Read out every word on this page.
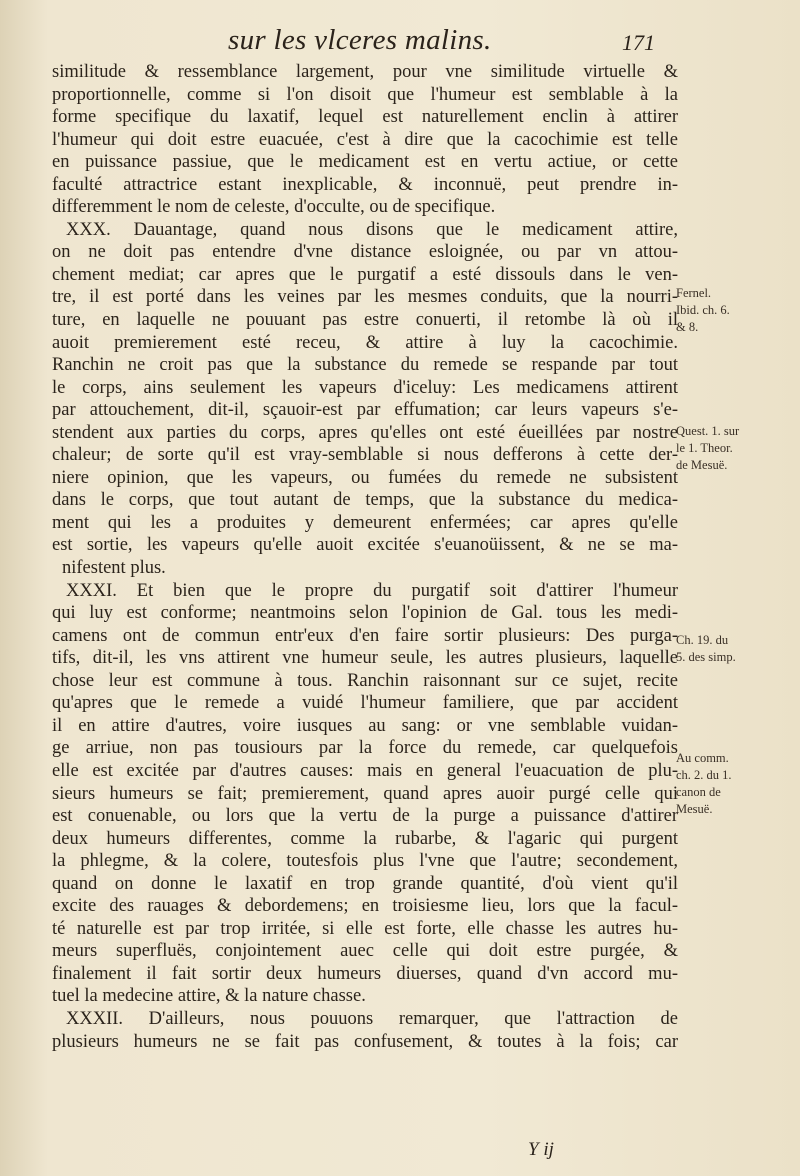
sur les vlceres malins.	171
similitude & ressemblance largement, pour vne similitude virtuelle &
proportionnelle, comme si l'on disoit que l'humeur est semblable à la
forme specifique du laxatif, lequel est naturellement enclin à attirer
l'humeur qui doit estre euacuée, c'est à dire que la cacochimie est telle
en puissance passiue, que le medicament est en vertu actiue, or cette
faculté attractrice estant inexplicable, & inconnuë, peut prendre in-
differemment le nom de celeste, d'occulte, ou de specifique.
XXX. Dauantage, quand nous disons que le medicament attire,
on ne doit pas entendre d'vne distance esloignée, ou par vn attou-
chement mediat; car apres que le purgatif a esté dissouls dans le ven-
tre, il est porté dans les veines par les mesmes conduits, que la nourri-
ture, en laquelle ne pouuant pas estre conuerti, il retombe là où il
auoit premierement esté receu, & attire à luy la cacochimie.
Ranchin ne croit pas que la substance du remede se respande par tout
le corps, ains seulement les vapeurs d'iceluy: Les medicamens attirent
par attouchement, dit-il, sçauoir-est par effumation; car leurs vapeurs s'e-
stendent aux parties du corps, apres qu'elles ont esté éueillées par nostre
chaleur; de sorte qu'il est vray-semblable si nous defferons à cette der-
niere opinion, que les vapeurs, ou fumées du remede ne subsistent
dans le corps, que tout autant de temps, que la substance du medica-
ment qui les a produites y demeurent enfermées; car apres qu'elle
est sortie, les vapeurs qu'elle auoit excitée s'euanoüissent, & ne se ma-
nifestent plus.
XXXI. Et bien que le propre du purgatif soit d'attirer l'humeur
qui luy est conforme; neantmoins selon l'opinion de Gal. tous les medi-
camens ont de commun entr'eux d'en faire sortir plusieurs: Des purga-
tifs, dit-il, les vns attirent vne humeur seule, les autres plusieurs, laquelle
chose leur est commune à tous. Ranchin raisonnant sur ce sujet, recite
qu'apres que le remede a vuidé l'humeur familiere, que par accident
il en attire d'autres, voire iusques au sang: or vne semblable vuidan-
ge arriue, non pas tousiours par la force du remede, car quelquefois
elle est excitée par d'autres causes: mais en general l'euacuation de plu-
sieurs humeurs se fait; premierement, quand apres auoir purgé celle qui
est conuenable, ou lors que la vertu de la purge a puissance d'attirer
deux humeurs differentes, comme la rubarbe, & l'agaric qui purgent
la phlegme, & la colere, toutesfois plus l'vne que l'autre; secondement,
quand on donne le laxatif en trop grande quantité, d'où vient qu'il
excite des rauages & debordemens; en troisiesme lieu, lors que la facul-
té naturelle est par trop irritée, si elle est forte, elle chasse les autres hu-
meurs superfluës, conjointement auec celle qui doit estre purgée, &
finalement il fait sortir deux humeurs diuerses, quand d'vn accord mu-
tuel la medecine attire, & la nature chasse.
XXXII. D'ailleurs, nous pouuons remarquer, que l'attraction de
plusieurs humeurs ne se fait pas confusement, & toutes à la fois; car
Fernel.
Ibid. ch. 6.
& 8.
Quest. 1. sur
le 1. Theor.
de Mesuë.
Ch. 19. du
5. des simp.
Au comm.
ch. 2. du 1.
canon de
Mesuë.
Y ij
